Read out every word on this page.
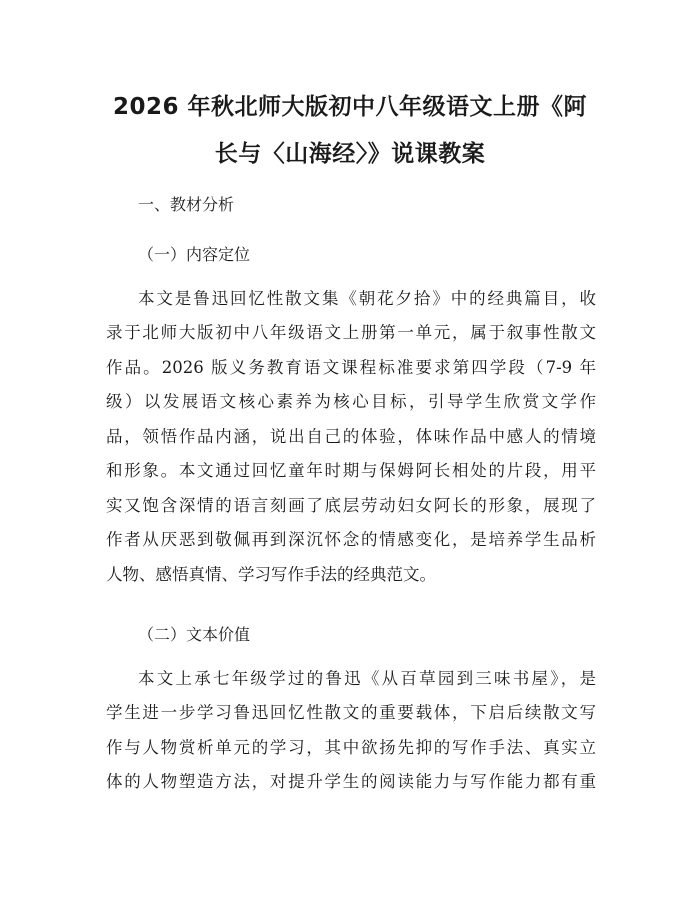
2026 年秋北师大版初中八年级语文上册《阿
长与〈山海经〉》说课教案
一、教材分析
（一）内容定位
本文是鲁迅回忆性散文集《朝花夕拾》中的经典篇目，收
录于北师大版初中八年级语文上册第一单元，属于叙事性散文
作品。2026 版义务教育语文课程标准要求第四学段（7-9 年
级）以发展语文核心素养为核心目标，引导学生欣赏文学作
品，领悟作品内涵，说出自己的体验，体味作品中感人的情境
和形象。本文通过回忆童年时期与保姆阿长相处的片段，用平
实又饱含深情的语言刻画了底层劳动妇女阿长的形象，展现了
作者从厌恶到敬佩再到深沉怀念的情感变化，是培养学生品析
人物、感悟真情、学习写作手法的经典范文。
（二）文本价值
本文上承七年级学过的鲁迅《从百草园到三味书屋》，是
学生进一步学习鲁迅回忆性散文的重要载体，下启后续散文写
作与人物赏析单元的学习，其中欲扬先抑的写作手法、真实立
体的人物塑造方法，对提升学生的阅读能力与写作能力都有重
